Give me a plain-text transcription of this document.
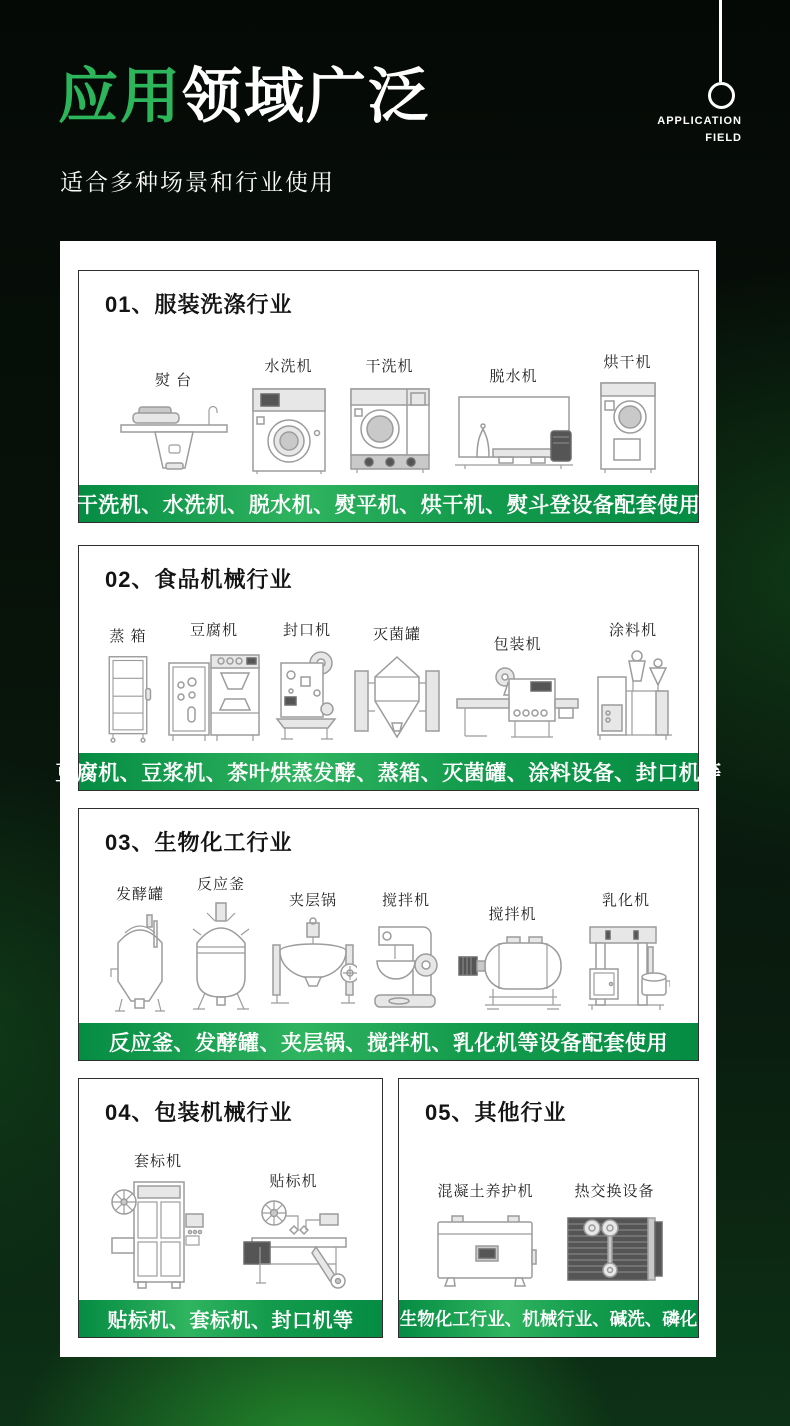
应用领域广泛
适合多种场景和行业使用
APPLICATION
FIELD
01、服装洗涤行业
熨 台
水洗机	干洗机
脱水机
烘干机
干洗机、水洗机、脱水机、熨平机、烘干机、熨斗登设备配套使用
02、食品机械行业
蒸 箱	豆腐机	封口机	灭菌罐
包装机
涂料机
豆腐机、豆浆机、茶叶烘蒸发酵、蒸箱、灭菌罐、涂料设备、封口机等
03、生物化工行业
发酵罐
反应釜
夹层锅	搅拌机
搅拌机
乳化机
反应釜、发酵罐、夹层锅、搅拌机、乳化机等设备配套使用
04、包装机械行业
套标机
贴标机
贴标机、套标机、封口机等
05、其他行业
混凝土养护机	热交换设备
生物化工行业、机械行业、碱洗、磷化
